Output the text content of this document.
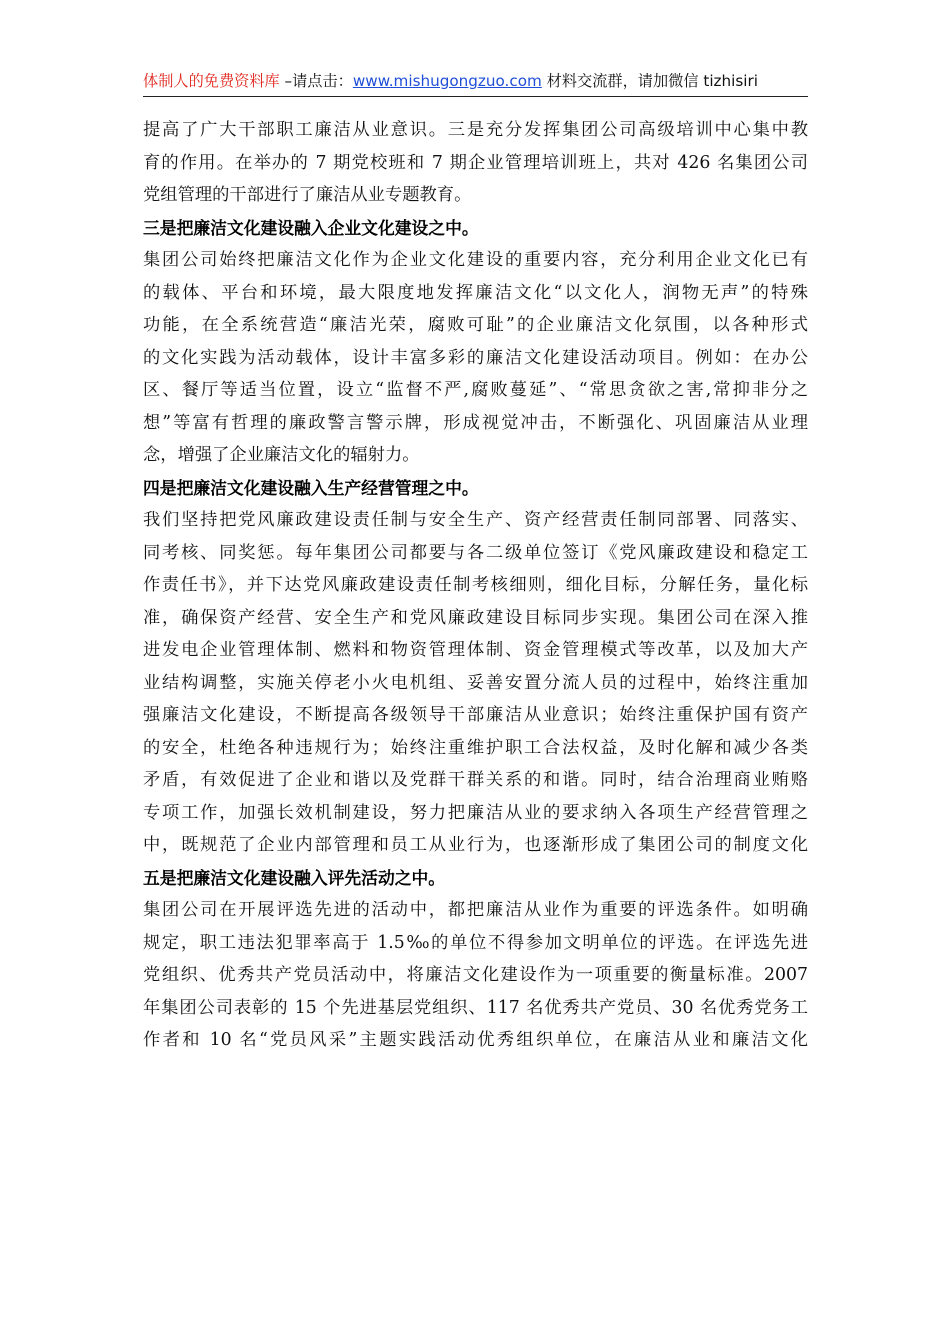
体制人的免费资料库 –请点击：www.mishugongzuo.com 材料交流群，请加微信 tizhisiri
提高了广大干部职工廉洁从业意识。三是充分发挥集团公司高级培训中心集中教
育的作用。在举办的 7 期党校班和 7 期企业管理培训班上，共对 426 名集团公司
党组管理的干部进行了廉洁从业专题教育。
三是把廉洁文化建设融入企业文化建设之中。
集团公司始终把廉洁文化作为企业文化建设的重要内容，充分利用企业文化已有
的载体、平台和环境，最大限度地发挥廉洁文化“以文化人，润物无声”的特殊
功能，在全系统营造“廉洁光荣，腐败可耻”的企业廉洁文化氛围，以各种形式
的文化实践为活动载体，设计丰富多彩的廉洁文化建设活动项目。例如：在办公
区、餐厅等适当位置，设立“监督不严,腐败蔓延”、“常思贪欲之害,常抑非分之
想”等富有哲理的廉政警言警示牌，形成视觉冲击，不断强化、巩固廉洁从业理
念，增强了企业廉洁文化的辐射力。
四是把廉洁文化建设融入生产经营管理之中。
我们坚持把党风廉政建设责任制与安全生产、资产经营责任制同部署、同落实、
同考核、同奖惩。每年集团公司都要与各二级单位签订《党风廉政建设和稳定工
作责任书》，并下达党风廉政建设责任制考核细则，细化目标，分解任务，量化标
准，确保资产经营、安全生产和党风廉政建设目标同步实现。集团公司在深入推
进发电企业管理体制、燃料和物资管理体制、资金管理模式等改革，以及加大产
业结构调整，实施关停老小火电机组、妥善安置分流人员的过程中，始终注重加
强廉洁文化建设，不断提高各级领导干部廉洁从业意识；始终注重保护国有资产
的安全，杜绝各种违规行为；始终注重维护职工合法权益，及时化解和减少各类
矛盾，有效促进了企业和谐以及党群干群关系的和谐。同时，结合治理商业贿赂
专项工作，加强长效机制建设，努力把廉洁从业的要求纳入各项生产经营管理之
中，既规范了企业内部管理和员工从业行为，也逐渐形成了集团公司的制度文化
五是把廉洁文化建设融入评先活动之中。
集团公司在开展评选先进的活动中，都把廉洁从业作为重要的评选条件。如明确
规定，职工违法犯罪率高于 1.5‰的单位不得参加文明单位的评选。在评选先进
党组织、优秀共产党员活动中，将廉洁文化建设作为一项重要的衡量标准。2007
年集团公司表彰的 15 个先进基层党组织、117 名优秀共产党员、30 名优秀党务工
作者和 10 名“党员风采”主题实践活动优秀组织单位，在廉洁从业和廉洁文化
